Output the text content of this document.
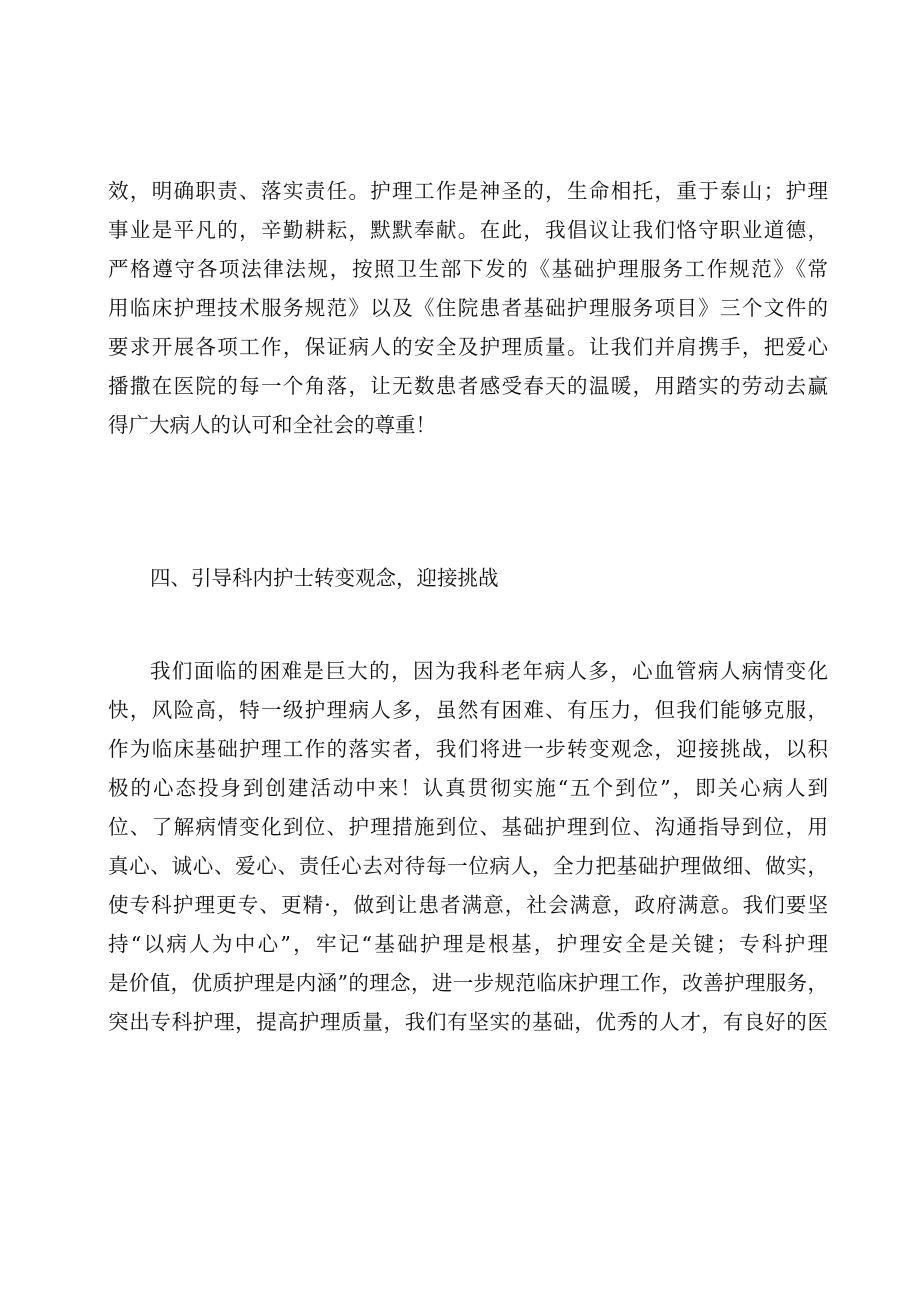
效，明确职责、落实责任。护理工作是神圣的，生命相托，重于泰山；护理
事业是平凡的，辛勤耕耘，默默奉献。在此，我倡议让我们恪守职业道德，
严格遵守各项法律法规，按照卫生部下发的《基础护理服务工作规范》《常
用临床护理技术服务规范》以及《住院患者基础护理服务项目》三个文件的
要求开展各项工作，保证病人的安全及护理质量。让我们并肩携手，把爱心
播撒在医院的每一个角落，让无数患者感受春天的温暖，用踏实的劳动去赢
得广大病人的认可和全社会的尊重！
四、引导科内护士转变观念，迎接挑战
我们面临的困难是巨大的，因为我科老年病人多，心血管病人病情变化
快，风险高，特一级护理病人多，虽然有困难、有压力，但我们能够克服，
作为临床基础护理工作的落实者，我们将进一步转变观念，迎接挑战，以积
极的心态投身到创建活动中来！认真贯彻实施“五个到位”，即关心病人到
位、了解病情变化到位、护理措施到位、基础护理到位、沟通指导到位，用
真心、诚心、爱心、责任心去对待每一位病人，全力把基础护理做细、做实，
使专科护理更专、更精·，做到让患者满意，社会满意，政府满意。我们要坚
持“以病人为中心”，牢记“基础护理是根基，护理安全是关键；专科护理
是价值，优质护理是内涵”的理念，进一步规范临床护理工作，改善护理服务，
突出专科护理，提高护理质量，我们有坚实的基础，优秀的人才，有良好的医
